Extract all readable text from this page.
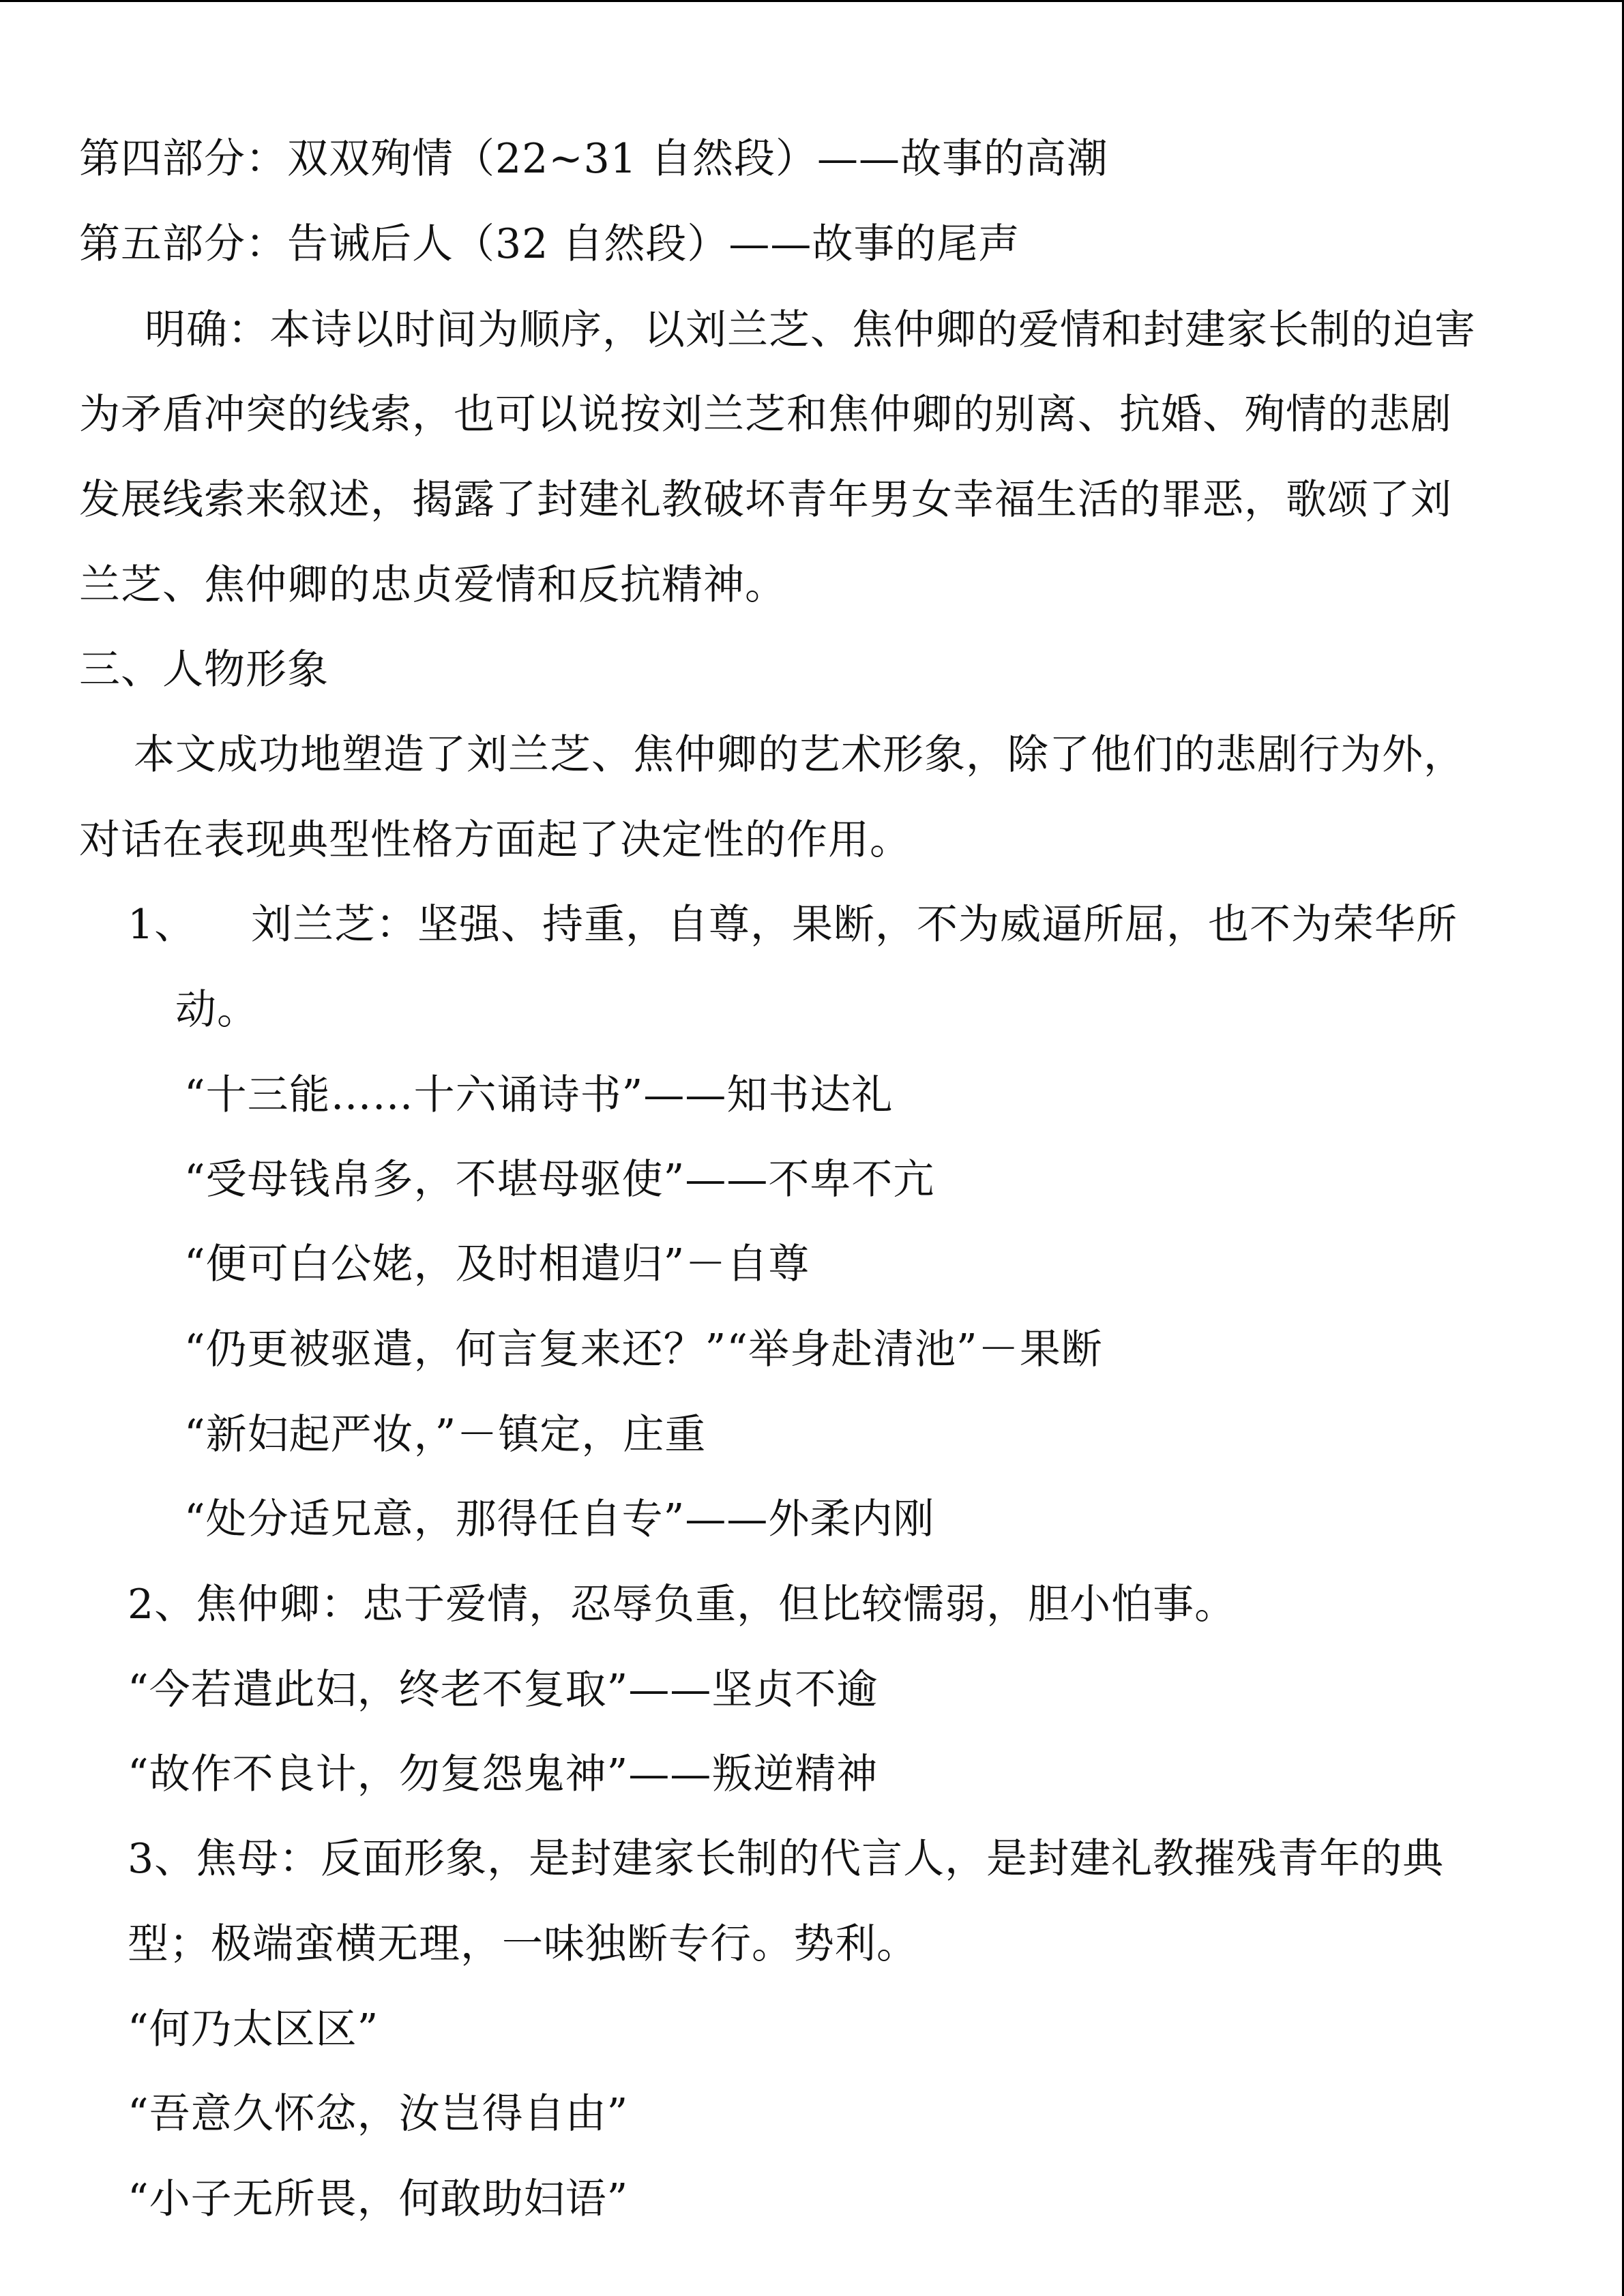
第四部分：双双殉情（22~31 自然段）——故事的高潮

第五部分：告诫后人（32 自然段）——故事的尾声

明确：本诗以时间为顺序，以刘兰芝、焦仲卿的爱情和封建家长制的迫害

为矛盾冲突的线索，也可以说按刘兰芝和焦仲卿的别离、抗婚、殉情的悲剧

发展线索来叙述，揭露了封建礼教破坏青年男女幸福生活的罪恶，歌颂了刘

兰芝、焦仲卿的忠贞爱情和反抗精神。

三、人物形象

本文成功地塑造了刘兰芝、焦仲卿的艺术形象，除了他们的悲剧行为外，

对话在表现典型性格方面起了决定性的作用。

1、 刘兰芝：坚强、持重，自尊，果断，不为威逼所屈，也不为荣华所

动。

“十三能……十六诵诗书”——知书达礼

“受母钱帛多，不堪母驱使”——不卑不亢

“便可白公姥，及时相遣归”－自尊

“仍更被驱遣，何言复来还？”“举身赴清池”－果断

“新妇起严妆，”－镇定，庄重

“处分适兄意，那得任自专”——外柔内刚

2、焦仲卿：忠于爱情，忍辱负重，但比较懦弱，胆小怕事。

“今若遣此妇，终老不复取”——坚贞不逾

“故作不良计，勿复怨鬼神”——叛逆精神

3、焦母：反面形象，是封建家长制的代言人，是封建礼教摧残青年的典

型；极端蛮横无理，一味独断专行。势利。

“何乃太区区”

“吾意久怀忿，汝岂得自由”

“小子无所畏，何敢助妇语”
